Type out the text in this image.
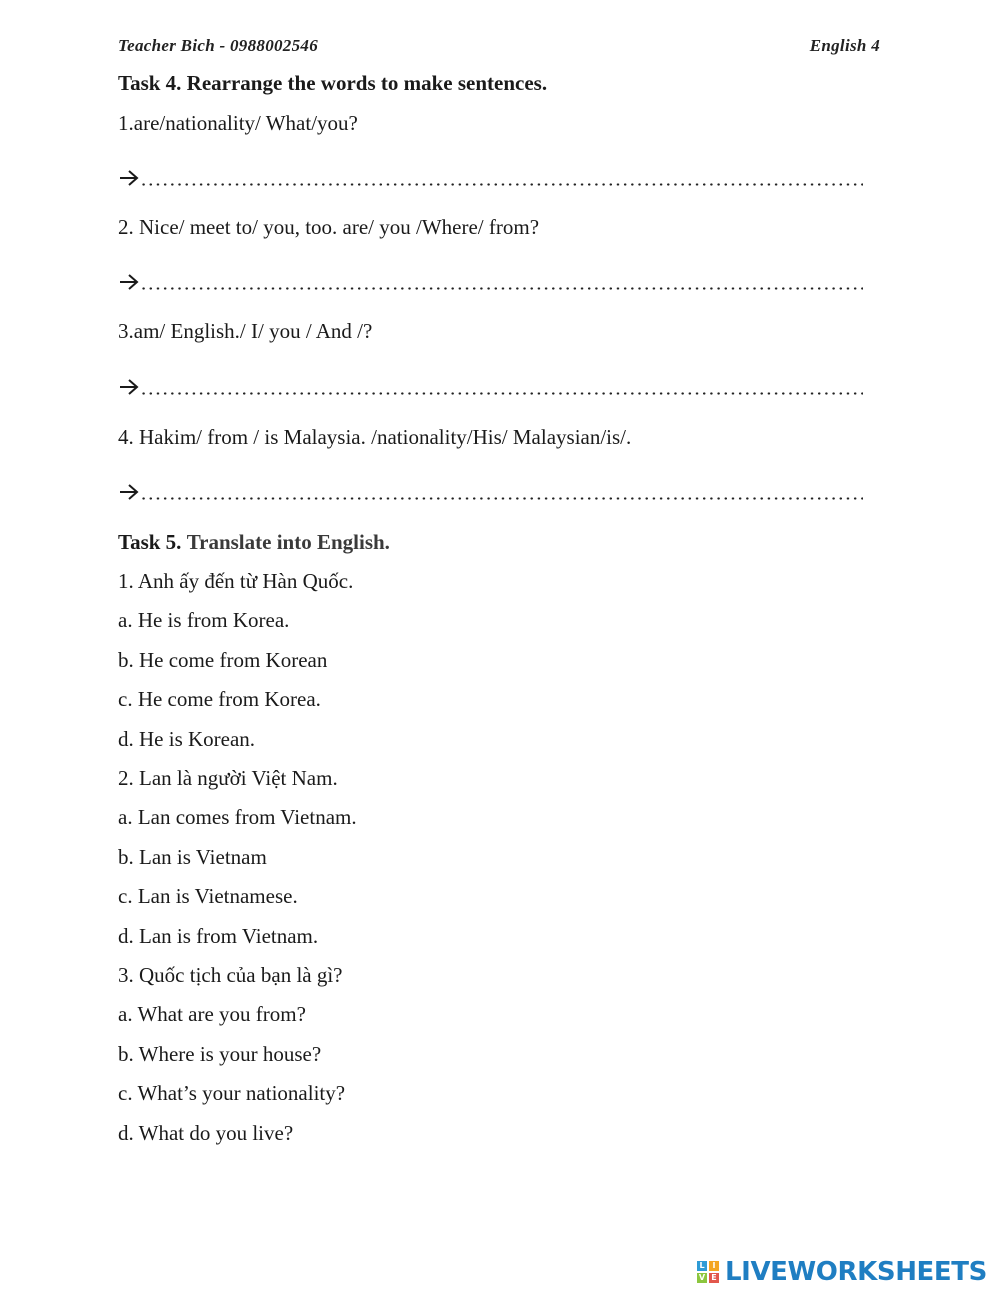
Teacher Bich - 0988002546	English 4
Task 4. Rearrange the words to make sentences.
1.are/nationality/ What/you?
2. Nice/ meet to/ you, too. are/ you /Where/ from?
3.am/ English./ I/ you / And /?
4. Hakim/ from / is Malaysia. /nationality/His/ Malaysian/is/.
Task 5. Translate into English.
1. Anh ấy đến từ Hàn Quốc.
a. He is from Korea.
b. He come from Korean
c. He come from Korea.
d. He is Korean.
2. Lan là người Việt Nam.
a. Lan comes from Vietnam.
b. Lan is Vietnam
c. Lan is Vietnamese.
d. Lan is from Vietnam.
3. Quốc tịch của bạn là gì?
a. What are you from?
b. Where is your house?
c. What’s your nationality?
d. What do you live?
L I
V E LIVEWORKSHEETS
